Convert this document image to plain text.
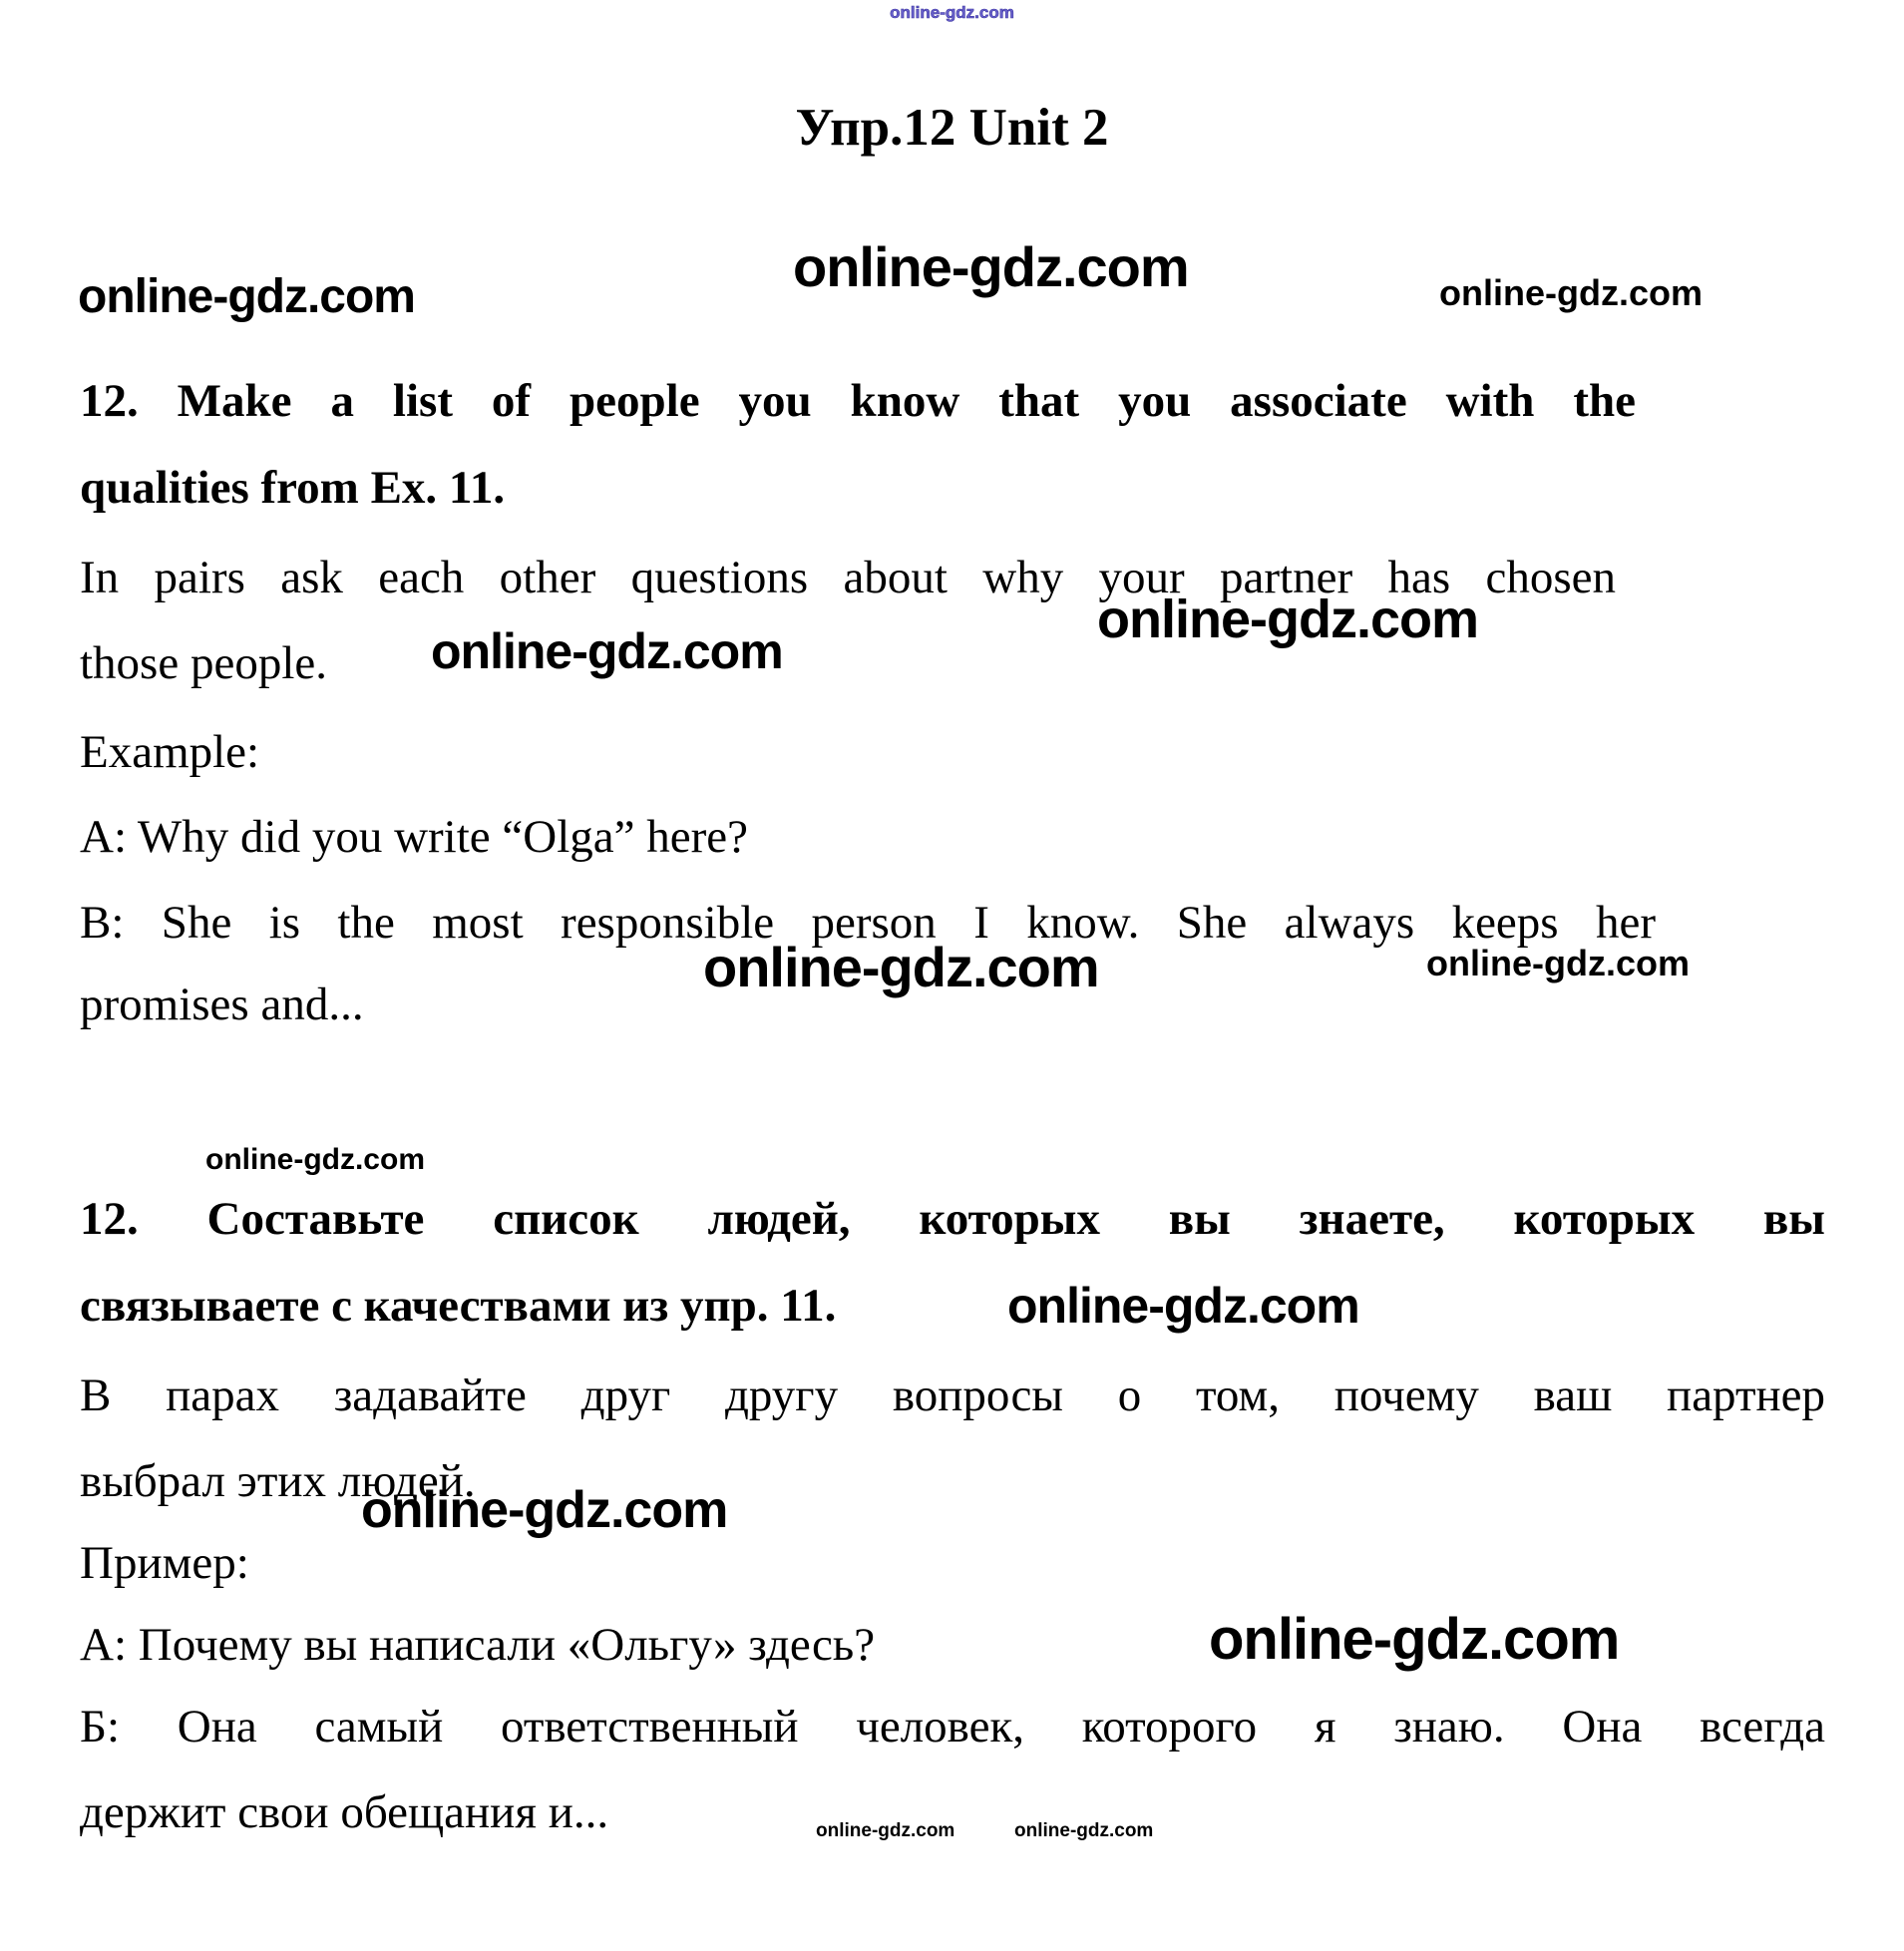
online-gdz.com
Упр.12 Unit 2
online-gdz.com	online-gdz.com	online-gdz.com
12. Make a list of people you know that you associate with the
qualities from Ex. 11.
In pairs ask each other questions about why your partner has chosen
those people. online-gdz.com
online-gdz.com
Example:
A: Why did you write “Olga” here?
B: She is the most responsible person I know. She always keeps her
online-gdz.com	online-gdz.com
promises and...
online-gdz.com
12. Составьте список людей, которых вы знаете, которых вы
связываете с качествами из упр. 11.	online-gdz.com
В парах задавайте друг другу вопросы о том, почему ваш партнер
выбрал этих людей.
online-gdz.com
Пример:
А: Почему вы написали «Ольгу» здесь?	online-gdz.com
Б: Она самый ответственный человек, которого я знаю. Она всегда
держит свои обещания и...	online-gdz.com	online-gdz.com
